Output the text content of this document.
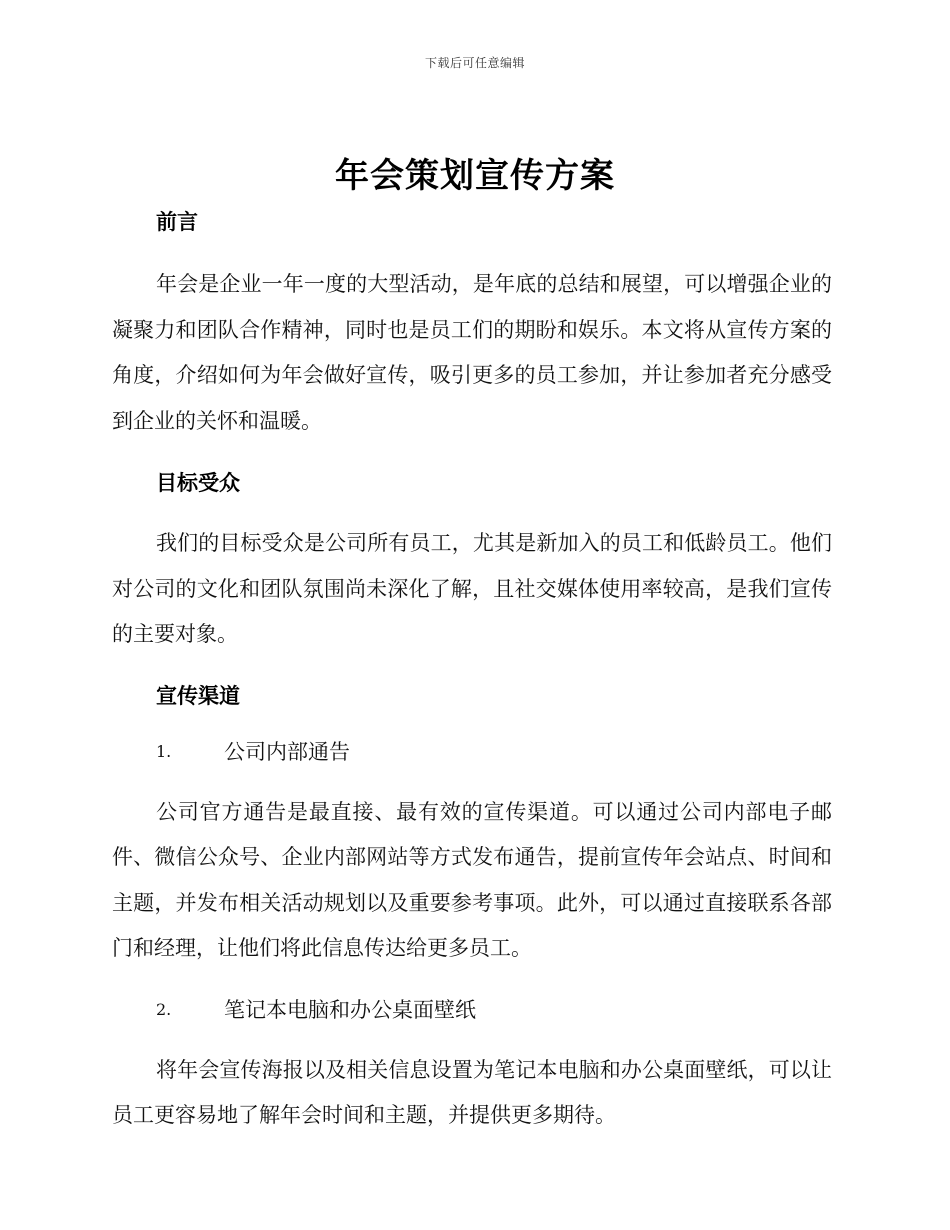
下载后可任意编辑
年会策划宣传方案
前言

年会是企业一年一度的大型活动，是年底的总结和展望，可以增强企业的凝聚力和团队合作精神，同时也是员工们的期盼和娱乐。本文将从宣传方案的角度，介绍如何为年会做好宣传，吸引更多的员工参加，并让参加者充分感受到企业的关怀和温暖。

目标受众

我们的目标受众是公司所有员工，尤其是新加入的员工和低龄员工。他们对公司的文化和团队氛围尚未深化了解，且社交媒体使用率较高，是我们宣传的主要对象。

宣传渠道
1.	公司内部通告

公司官方通告是最直接、最有效的宣传渠道。可以通过公司内部电子邮件、微信公众号、企业内部网站等方式发布通告，提前宣传年会站点、时间和主题，并发布相关活动规划以及重要参考事项。此外，可以通过直接联系各部门和经理，让他们将此信息传达给更多员工。

2.	笔记本电脑和办公桌面壁纸

将年会宣传海报以及相关信息设置为笔记本电脑和办公桌面壁纸，可以让员工更容易地了解年会时间和主题，并提供更多期待。
